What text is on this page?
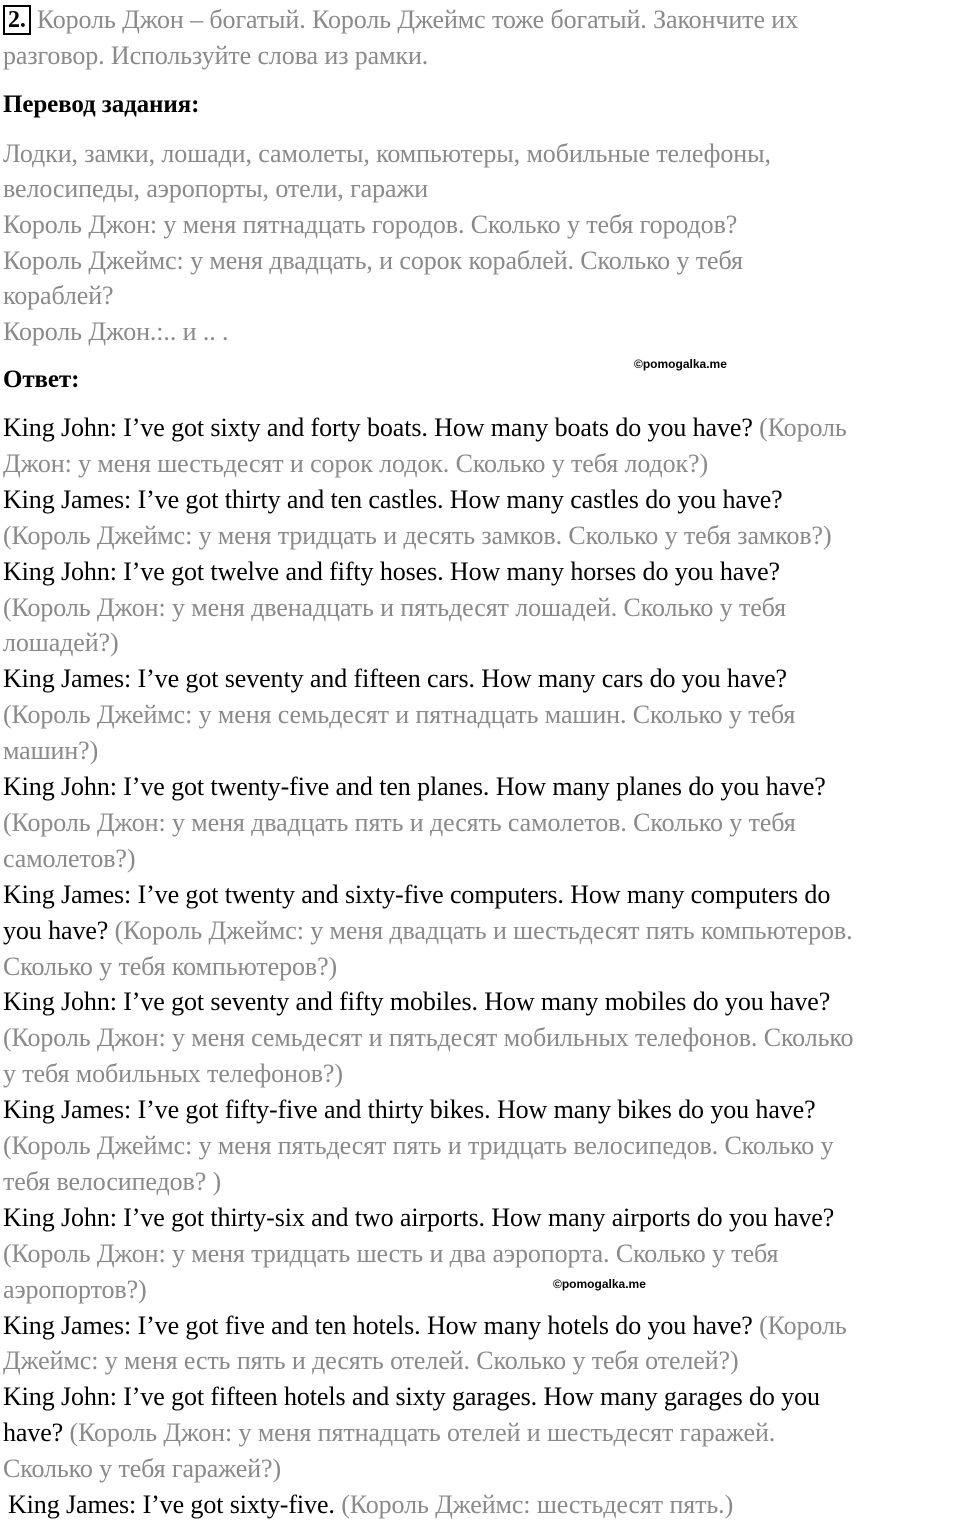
2. Король Джон – богатый. Король Джеймс тоже богатый. Закончите их
разговор. Используйте слова из рамки.
Перевод задания:
Лодки, замки, лошади, самолеты, компьютеры, мобильные телефоны,
велосипеды, аэропорты, отели, гаражи
Король Джон: у меня пятнадцать городов. Сколько у тебя городов?
Король Джеймс: у меня двадцать, и сорок кораблей. Сколько у тебя
кораблей?
Король Джон.:.. и .. .
Ответ:
©pomogalka.me
©pomogalka.me
King John: I’ve got sixty and forty boats. How many boats do you have? (Король
Джон: у меня шестьдесят и сорок лодок. Сколько у тебя лодок?)
King James: I’ve got thirty and ten castles. How many castles do you have?
(Король Джеймс: у меня тридцать и десять замков. Сколько у тебя замков?)
King John: I’ve got twelve and fifty hoses. How many horses do you have?
(Король Джон: у меня двенадцать и пятьдесят лошадей. Сколько у тебя
лошадей?)
King James: I’ve got seventy and fifteen cars. How many cars do you have?
(Король Джеймс: у меня семьдесят и пятнадцать машин. Сколько у тебя
машин?)
King John: I’ve got twenty-five and ten planes. How many planes do you have?
(Король Джон: у меня двадцать пять и десять самолетов. Сколько у тебя
самолетов?)
King James: I’ve got twenty and sixty-five computers. How many computers do
you have? (Король Джеймс: у меня двадцать и шестьдесят пять компьютеров.
Сколько у тебя компьютеров?)
King John: I’ve got seventy and fifty mobiles. How many mobiles do you have?
(Король Джон: у меня семьдесят и пятьдесят мобильных телефонов. Сколько
у тебя мобильных телефонов?)
King James: I’ve got fifty-five and thirty bikes. How many bikes do you have?
(Король Джеймс: у меня пятьдесят пять и тридцать велосипедов. Сколько у
тебя велосипедов? )
King John: I’ve got thirty-six and two airports. How many airports do you have?
(Король Джон: у меня тридцать шесть и два аэропорта. Сколько у тебя
аэропортов?)
King James: I’ve got five and ten hotels. How many hotels do you have? (Король
Джеймс: у меня есть пять и десять отелей. Сколько у тебя отелей?)
King John: I’ve got fifteen hotels and sixty garages. How many garages do you
have? (Король Джон: у меня пятнадцать отелей и шестьдесят гаражей.
Сколько у тебя гаражей?)
King James: I’ve got sixty-five. (Король Джеймс: шестьдесят пять.)
